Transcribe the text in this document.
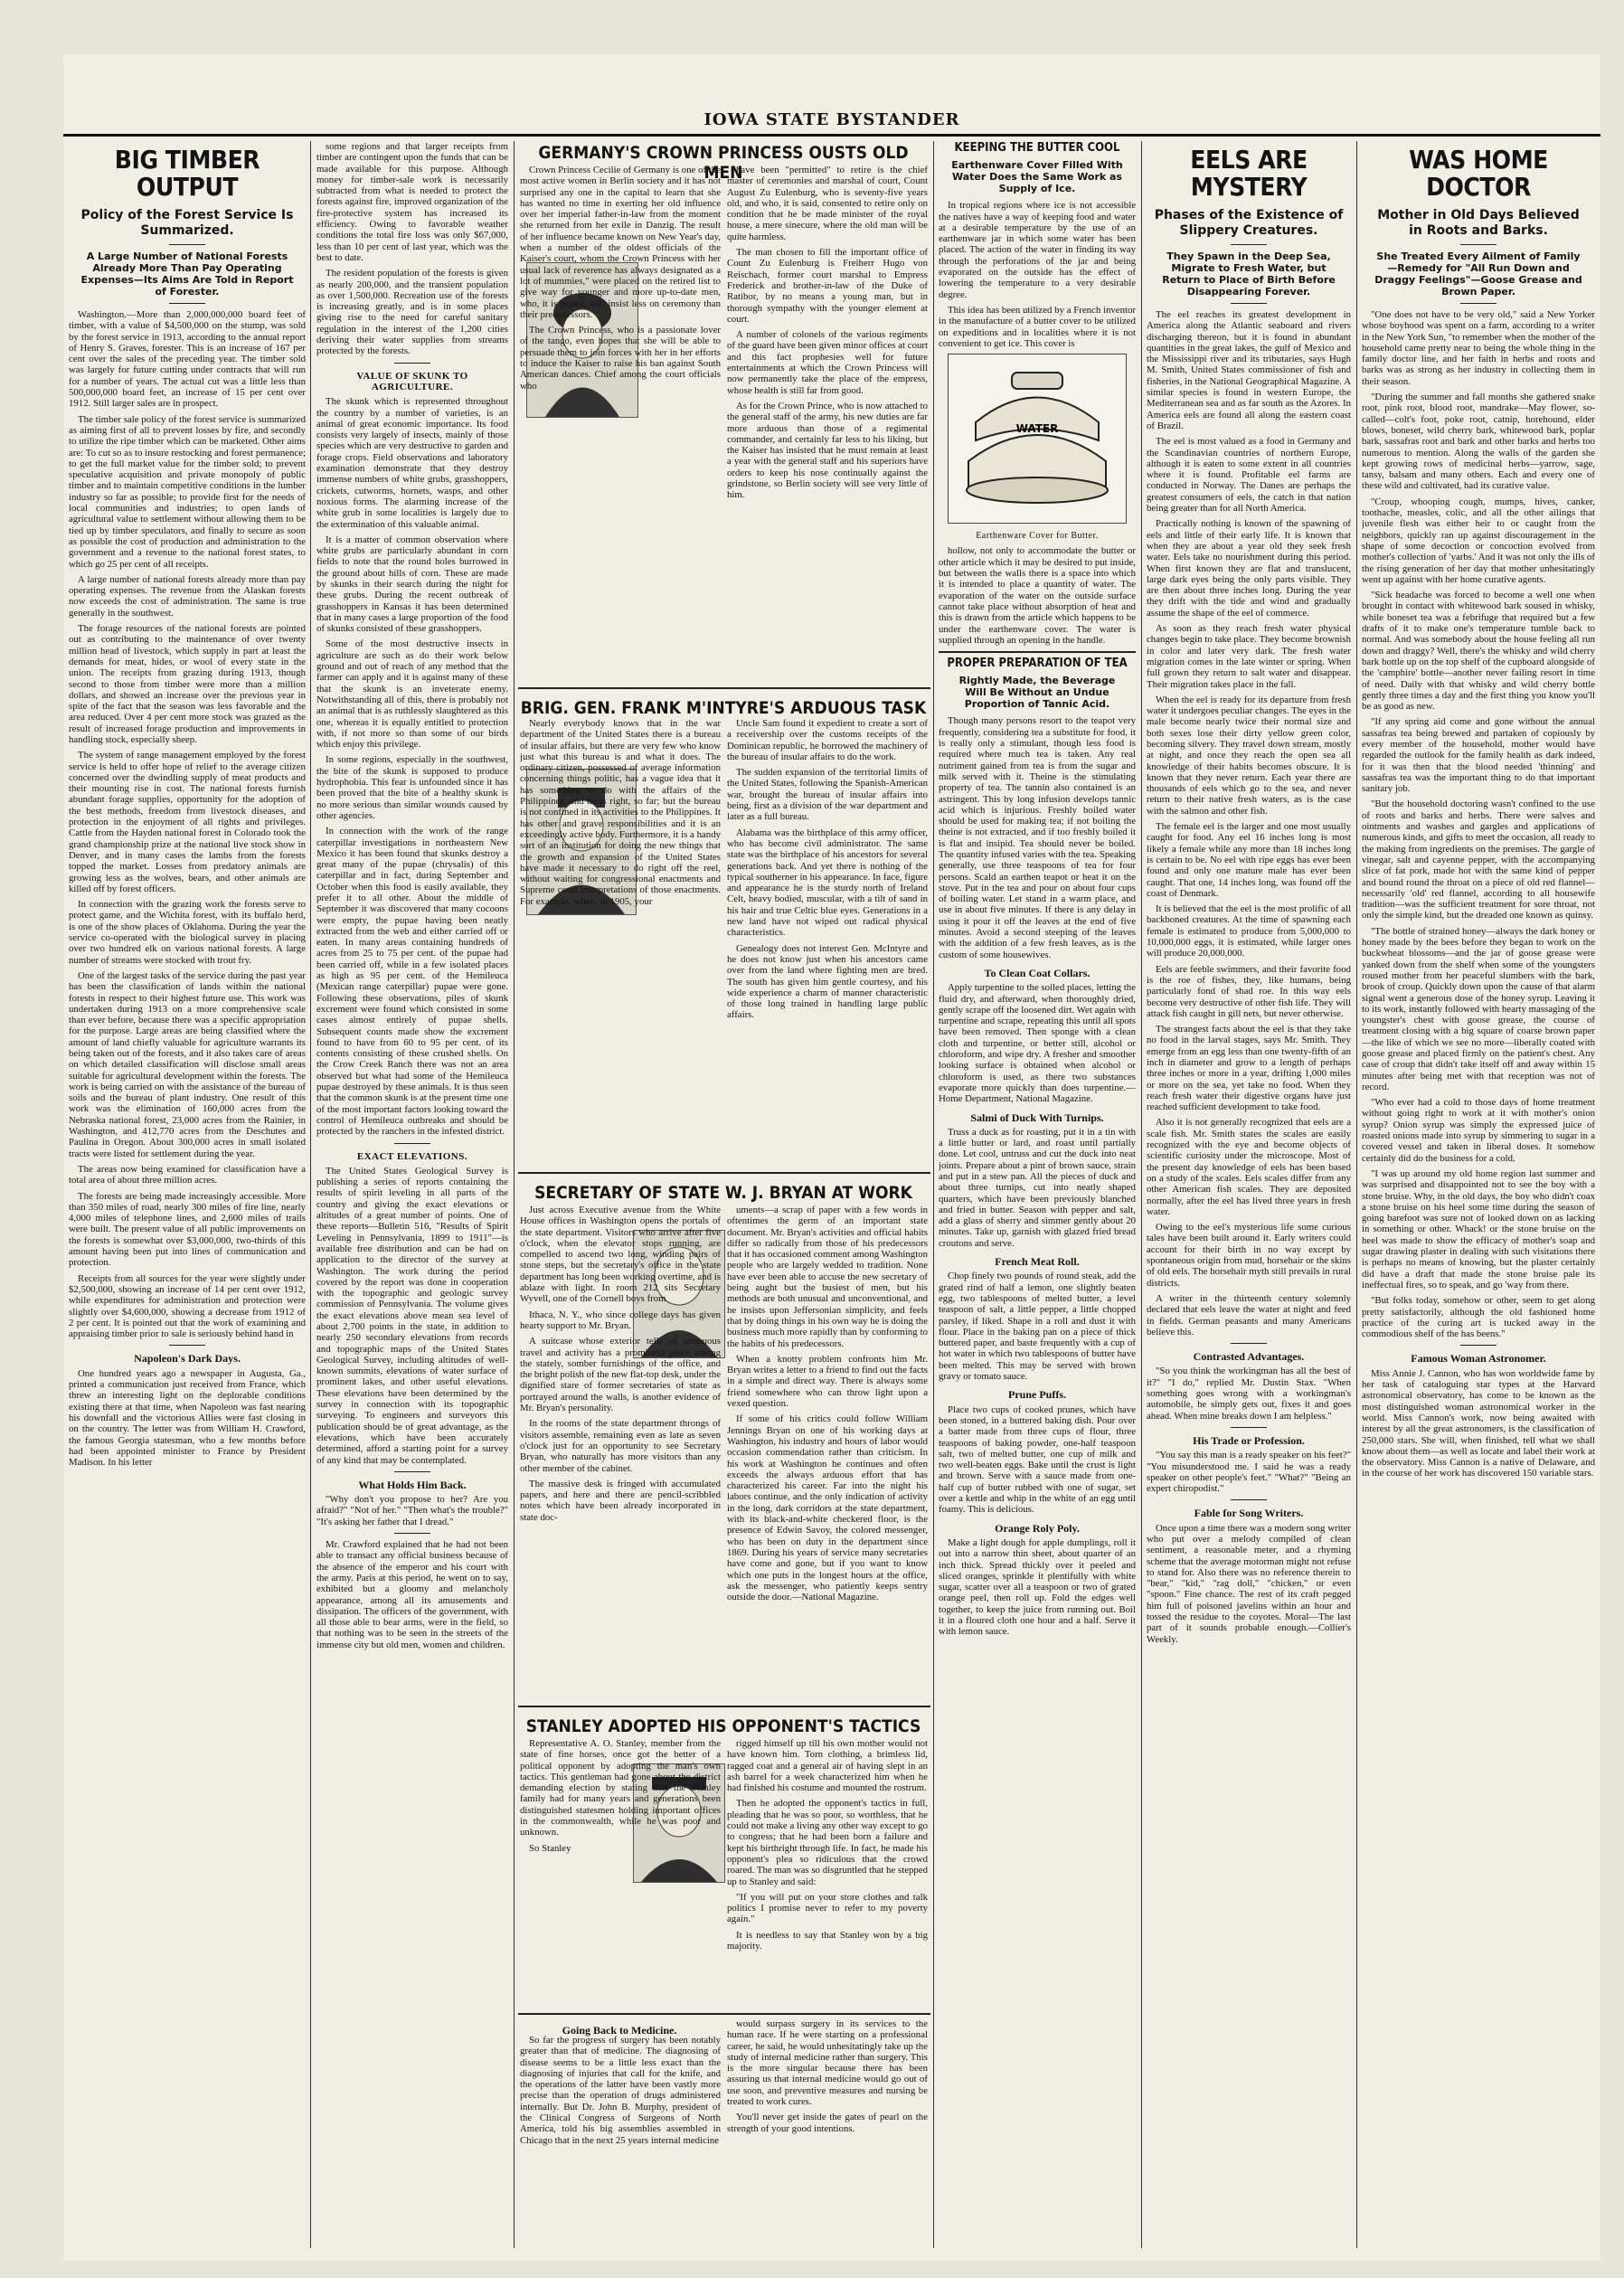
IOWA STATE BYSTANDER
BIG TIMBER OUTPUT
Policy of the Forest Service Is Summarized.
A Large Number of National Forests Already More Than Pay Operating Expenses—Its Aims Are Told in Report of Forester.

Washington.—More than 2,000,000,000 board feet of timber, with a value of $4,500,000 on the stump, was sold by the forest service in 1913, according to the annual report of Henry S. Graves, forester. This is an increase of 167 per cent over the sales of the preceding year. The timber sold was largely for future cutting under contracts that will run for a number of years. The actual cut was a little less than 500,000,000 board feet, an increase of 15 per cent over 1912. Still larger sales are in prospect.

The timber sale policy of the forest service is summarized as aiming first of all to prevent losses by fire, and secondly to utilize the ripe timber which can be marketed. Other aims are: To cut so as to insure restocking and forest permanence; to get the full market value for the timber sold; to prevent speculative acquisition and private monopoly of public timber and to maintain competitive conditions in the lumber industry so far as possible; to provide first for the needs of local communities and industries; to open lands of agricultural value to settlement without allowing them to be tied up by timber speculators, and finally to secure as soon as possible the cost of production and administration to the government and a revenue to the national forest states, to which go 25 per cent of all receipts.

A large number of national forests already more than pay operating expenses. The revenue from the Alaskan forests now exceeds the cost of administration. The same is true generally in the southwest.

The forage resources of the national forests are pointed out as contributing to the maintenance of over twenty million head of livestock, which supply in part at least the demands for meat, hides, or wool of every state in the union. The receipts from grazing during 1913, though second to those from timber were more than a million dollars, and showed an increase over the previous year in spite of the fact that the season was less favorable and the area reduced. Over 4 per cent more stock was grazed as the result of increased forage production and improvements in handling stock, especially sheep.

The system of range management employed by the forest service is held to offer hope of relief to the average citizen concerned over the dwindling supply of meat products and their mounting rise in cost. The national forests furnish abundant forage supplies, opportunity for the adoption of the best methods, freedom from livestock diseases, and protection in the enjoyment of all rights and privileges. Cattle from the Hayden national forest in Colorado took the grand championship prize at the national live stock show in Denver, and in many cases the lambs from the forests topped the market. Losses from predatory animals are growing less as the wolves, bears, and other animals are killed off by forest officers.

In connection with the grazing work the forests serve to protect game, and the Wichita forest, with its buffalo herd, is one of the show places of Oklahoma. During the year the service co-operated with the biological survey in placing over two hundred elk on various national forests. A large number of streams were stocked with trout fry.

One of the largest tasks of the service during the past year has been the classification of lands within the national forests in respect to their highest future use. This work was undertaken during 1913 on a more comprehensive scale than ever before, because there was a specific appropriation for the purpose. Large areas are being classified where the amount of land chiefly valuable for agriculture warrants its being taken out of the forests, and it also takes care of areas on which detailed classification will disclose small areas suitable for agricultural development within the forests. The work is being carried on with the assistance of the bureau of soils and the bureau of plant industry. One result of this work was the elimination of 160,000 acres from the Nebraska national forest, 23,000 acres from the Rainier, in Washington, and 412,770 acres from the Deschutes and Paulina in Oregon. About 300,000 acres in small isolated tracts were listed for settlement during the year.

The areas now being examined for classification have a total area of about three million acres.

The forests are being made increasingly accessible. More than 350 miles of road, nearly 300 miles of fire line, nearly 4,000 miles of telephone lines, and 2,600 miles of trails were built. The present value of all public improvements on the forests is somewhat over $3,000,000, two-thirds of this amount having been put into lines of communication and protection.

Receipts from all sources for the year were slightly under $2,500,000, showing an increase of 14 per cent over 1912, while expenditures for administration and protection were slightly over $4,600,000, showing a decrease from 1912 of 2 per cent. It is pointed out that the work of examining and appraising timber prior to sale is seriously behind hand in

Napoleon's Dark Days.

One hundred years ago a newspaper in Augusta, Ga., printed a communication just received from France, which threw an interesting light on the deplorable conditions existing there at that time, when Napoleon was fast nearing his downfall and the victorious Allies were fast closing in on the country. The letter was from William H. Crawford, the famous Georgia statesman, who a few months before had been appointed minister to France by President Madison. In his letter

some regions and that larger receipts from timber are contingent upon the funds that can be made available for this purpose. Although money for timber-sale work is necessarily subtracted from what is needed to protect the forests against fire, improved organization of the fire-protective system has increased its efficiency. Owing to favorable weather conditions the total fire loss was only $67,000, less than 10 per cent of last year, which was the best to date.

The resident population of the forests is given as nearly 200,000, and the transient population as over 1,500,000. Recreation use of the forests is increasing greatly, and is in some places giving rise to the need for careful sanitary regulation in the interest of the 1,200 cities deriving their water supplies from streams protected by the forests.

VALUE OF SKUNK TO AGRICULTURE.

The skunk which is represented throughout the country by a number of varieties, is an animal of great economic importance. Its food consists very largely of insects, mainly of those species which are very destructive to garden and forage crops. Field observations and laboratory examination demonstrate that they destroy immense numbers of white grubs, grasshoppers, crickets, cutworms, hornets, wasps, and other noxious forms. The alarming increase of the white grub in some localities is largely due to the extermination of this valuable animal.

It is a matter of common observation where white grubs are particularly abundant in corn fields to note that the round holes burrowed in the ground about hills of corn. These are made by skunks in their search during the night for these grubs. During the recent outbreak of grasshoppers in Kansas it has been determined that in many cases a large proportion of the food of skunks consisted of these grasshoppers.

Some of the most destructive insects in agriculture are such as do their work below ground and out of reach of any method that the farmer can apply and it is against many of these that the skunk is an inveterate enemy. Notwithstanding all of this, there is probably not an animal that is as ruthlessly slaughtered as this one, whereas it is equally entitled to protection with, if not more so than some of our birds which enjoy this privilege.

In some regions, especially in the southwest, the bite of the skunk is supposed to produce hydrophobia. This fear is unfounded since it has been proved that the bite of a healthy skunk is no more serious than similar wounds caused by other agencies.

In connection with the work of the range caterpillar investigations in northeastern New Mexico it has been found that skunks destroy a great many of the pupae (chrysalis) of this caterpillar and in fact, during September and October when this food is easily available, they prefer it to all other. About the middle of September it was discovered that many cocoons were empty, the pupae having been neatly extracted from the web and either carried off or eaten. In many areas containing hundreds of acres from 25 to 75 per cent. of the pupae had been carried off, while in a few isolated places as high as 95 per cent. of the Hemileuca (Mexican range caterpillar) pupae were gone. Following these observations, piles of skunk excrement were found which consisted in some cases almost entirely of pupae shells. Subsequent counts made show the excrement found to have from 60 to 95 per cent. of its contents consisting of these crushed shells. On the Crow Creek Ranch there was not an area observed but what had some of the Hemileuca pupae destroyed by these animals. It is thus seen that the common skunk is at the present time one of the most important factors looking toward the control of Hemileuca outbreaks and should be protected by the ranchers in the infested district.

EXACT ELEVATIONS.

The United States Geological Survey is publishing a series of reports containing the results of spirit leveling in all parts of the country and giving the exact elevations or altitudes of a great number of points. One of these reports—Bulletin 516, "Results of Spirit Leveling in Pennsylvania, 1899 to 1911"—is available free distribution and can be had on application to the director of the survey at Washington. The work during the period covered by the report was done in cooperation with the topographic and geologic survey commission of Pennsylvania. The volume gives the exact elevations above mean sea level of about 2,700 points in the state, in addition to nearly 250 secondary elevations from records and topographic maps of the United States Geological Survey, including altitudes of well-known summits, elevations of water surface of prominent lakes, and other useful elevations. These elevations have been determined by the survey in connection with its topographic surveying. To engineers and surveyors this publication should be of great advantage, as the elevations, which have been accurately determined, afford a starting point for a survey of any kind that may be contemplated.

What Holds Him Back.

"Why don't you propose to her? Are you afraid?" "Not of her." "Then what's the trouble?" "It's asking her father that I dread."

Mr. Crawford explained that he had not been able to transact any official business because of the absence of the emperor and his court with the army. Paris at this period, he went on to say, exhibited but a gloomy and melancholy appearance, among all its amusements and dissipation. The officers of the government, with all those able to bear arms, were in the field, so that nothing was to be seen in the streets of the immense city but old men, women and children.

GERMANY'S CROWN PRINCESS OUSTS OLD MEN

Crown Princess Cecilie of Germany is one of the most active women in Berlin society and it has not surprised any one in the capital to learn that she has wanted no time in exerting her old influence over her imperial father-in-law from the moment she returned from her exile in Danzig. The result of her influence became known on New Year's day, when a number of the oldest officials of the Kaiser's court, whom the Crown Princess with her usual lack of reverence has always designated as a lot of mummies," were placed on the retired list to give way for younger and more up-to-date men, who, it is hoped, will insist less on ceremony than their predecessors.

The Crown Princess, who is a passionate lover of the tango, even hopes that she will be able to persuade them to join forces with her in her efforts to induce the Kaiser to raise his ban against South American dances. Chief among the court officials who

have been "permitted" to retire is the chief master of ceremonies and marshal of court, Count August Zu Eulenburg, who is seventy-five years old, and who, it is said, consented to retire only on condition that he be made minister of the royal house, a mere sinecure, where the old man will be quite harmless.

The man chosen to fill the important office of Count Zu Eulenburg is Freiherr Hugo von Reischach, former court marshal to Empress Frederick and brother-in-law of the Duke of Ratibor, by no means a young man, but in thorough sympathy with the younger element at court.

A number of colonels of the various regiments of the guard have been given minor offices at court and this fact prophesies well for future entertainments at which the Crown Princess will now permanently take the place of the empress, whose health is still far from good.

As for the Crown Prince, who is now attached to the general staff of the army, his new duties are far more arduous than those of a regimental commander, and certainly far less to his liking, but the Kaiser has insisted that he must remain at least a year with the general staff and his superiors have orders to keep his nose continually against the grindstone, so Berlin society will see very little of him.

BRIG. GEN. FRANK M'INTYRE'S ARDUOUS TASK

Nearly everybody knows that in the war department of the United States there is a bureau of insular affairs, but there are very few who know just what this bureau is and what it does. The ordinary citizen, possessed of average information concerning things politic, has a vague idea that it has something to do with the affairs of the Philippines, and he is right, so far; but the bureau is not confined in its activities to the Philippines. It has other and grave responsibilities and it is an exceedingly active body. Furthermore, it is a handy sort of an institution for doing the new things that the growth and expansion of the United States have made it necessary to do right off the reel, without waiting for congressional enactments and Supreme court interpretations of those enactments. For example, when, in 1905, your

Uncle Sam found it expedient to create a sort of a receivership over the customs receipts of the Dominican republic, he borrowed the machinery of the bureau of insular affairs to do the work.

The sudden expansion of the territorial limits of the United States, following the Spanish-American war, brought the bureau of insular affairs into being, first as a division of the war department and later as a full bureau.

Alabama was the birthplace of this army officer, who has become civil administrator. The same state was the birthplace of his ancestors for several generations back. And yet there is nothing of the typical southerner in his appearance. In face, figure and appearance he is the sturdy north of Ireland Celt, heavy bodied, muscular, with a tilt of sand in his hair and true Celtic blue eyes. Generations in a new land have not wiped out radical physical characteristics.

Genealogy does not interest Gen. McIntyre and he does not know just when his ancestors came over from the land where fighting men are bred. The south has given him gentle courtesy, and his wide experience a charm of manner characteristic of those long trained in handling large public affairs.

SECRETARY OF STATE W. J. BRYAN AT WORK

Just across Executive avenue from the White House offices in Washington opens the portals of the state department. Visitors who arrive after five o'clock, when the elevator stops running, are compelled to ascend two long, winding pairs of stone steps, but the secretary's office in the state department has long been working overtime, and is ablaze with light. In room 212 sits Secretary Wyvell, one of the Cornell boys from

Ithaca, N. Y., who since college days has given hearty support to Mr. Bryan.

A suitcase whose exterior tells of strenuous travel and activity has a prominent place among the stately, somber furnishings of the office, and the bright polish of the new flat-top desk, under the dignified stare of former secretaries of state as portrayed around the walls, is another evidence of Mr. Bryan's personality.

In the rooms of the state department throngs of visitors assemble, remaining even as late as seven o'clock just for an opportunity to see Secretary Bryan, who naturally has more visitors than any other member of the cabinet.

The massive desk is fringed with accumulated papers, and here and there are pencil-scribbled notes which have been already incorporated in state doc-

uments—a scrap of paper with a few words in oftentimes the germ of an important state document. Mr. Bryan's activities and official habits differ so radically from those of his predecessors that it has occasioned comment among Washington people who are largely wedded to tradition. None have ever been able to accuse the new secretary of being aught but the busiest of men, but his methods are both unusual and unconventional, and he insists upon Jeffersonian simplicity, and feels that by doing things in his own way he is doing the business much more rapidly than by conforming to the habits of his predecessors.

When a knotty problem confronts him Mr. Bryan writes a letter to a friend to find out the facts in a simple and direct way. There is always some friend somewhere who can throw light upon a vexed question.

If some of his critics could follow William Jennings Bryan on one of his working days at Washington, his industry and hours of labor would occasion commendation rather than criticism. In his work at Washington he continues and often exceeds the always arduous effort that has characterized his career. Far into the night his labors continue, and the only indication of activity in the long, dark corridors at the state department, with its black-and-white checkered floor, is the presence of Edwin Savoy, the colored messenger, who has been on duty in the department since 1869. During his years of service many secretaries have come and gone, but if you want to know which one puts in the longest hours at the office, ask the messenger, who patiently keeps sentry outside the door.—National Magazine.

STANLEY ADOPTED HIS OPPONENT'S TACTICS

Representative A. O. Stanley, member from the state of fine horses, once got the better of a political opponent by adopting the man's own tactics. This gentleman had gone about the district demanding election by stating that the Stanley family had for many years and generations been distinguished statesmen holding important offices in the commonwealth, while he was poor and unknown.

So Stanley

rigged himself up till his own mother would not have known him. Torn clothing, a brimless lid, ragged coat and a general air of having slept in an ash barrel for a week characterized him when he had finished his costume and mounted the rostrum.

Then he adopted the opponent's tactics in full, pleading that he was so poor, so worthless, that he could not make a living any other way except to go to congress; that he had been born a failure and kept his birthright through life. In fact, he made his opponent's plea so ridiculous that the crowd roared. The man was so disgruntled that he stepped up to Stanley and said:

"If you will put on your store clothes and talk politics I promise never to refer to my poverty again."

It is needless to say that Stanley won by a big majority.

Going Back to Medicine.

So far the progress of surgery has been notably greater than that of medicine. The diagnosing of disease seems to be a little less exact than the diagnosing of injuries that call for the knife, and the operations of the latter have been vastly more precise than the operation of drugs administered internally. But Dr. John B. Murphy, president of the Clinical Congress of Surgeons of North America, told his big assemblies assembled in Chicago that in the next 25 years internal medicine

would surpass surgery in its services to the human race. If he were starting on a professional career, he said, he would unhesitatingly take up the study of internal medicine rather than surgery. This is the more singular because there has been assuring us that internal medicine would go out of use soon, and preventive measures and nursing be treated to work cures.

You'll never get inside the gates of pearl on the strength of your good intentions.

KEEPING THE BUTTER COOL
Earthenware Cover Filled With Water Does the Same Work as Supply of Ice.

In tropical regions where ice is not accessible the natives have a way of keeping food and water at a desirable temperature by the use of an earthenware jar in which some water has been placed. The action of the water in finding its way through the perforations of the jar and being evaporated on the outside has the effect of lowering the temperature to a very desirable degree.

This idea has been utilized by a French inventor in the manufacture of a butter cover to be utilized on expeditions and in localities where it is not convenient to get ice. This cover is

WATER
Earthenware Cover for Butter.

hollow, not only to accommodate the butter or other article which it may be desired to put inside, but between the walls there is a space into which it is intended to place a quantity of water. The evaporation of the water on the outside surface cannot take place without absorption of heat and this is drawn from the article which happens to be under the earthenware cover. The water is supplied through an opening in the handle.

PROPER PREPARATION OF TEA
Rightly Made, the Beverage Will Be Without an Undue Proportion of Tannic Acid.

Though many persons resort to the teapot very frequently, considering tea a substitute for food, it is really only a stimulant, though less food is required where much tea is taken. Any real nutriment gained from tea is from the sugar and milk served with it. Theine is the stimulating property of tea. The tannin also contained is an astringent. This by long infusion develops tannic acid which is injurious. Freshly boiled water should be used for making tea; if not boiling the theine is not extracted, and if too freshly boiled it is flat and insipid. Tea should never be boiled. The quantity infused varies with the tea. Speaking generally, use three teaspoons of tea for four persons. Scald an earthen teapot or heat it on the stove. Put in the tea and pour on about four cups of boiling water. Let stand in a warm place, and use in about five minutes. If there is any delay in using it pour it off the leaves at the end of five minutes. Avoid a second steeping of the leaves with the addition of a few fresh leaves, as is the custom of some housewives.

To Clean Coat Collars.

Apply turpentine to the soiled places, letting the fluid dry, and afterward, when thoroughly dried, gently scrape off the loosened dirt. Wet again with turpentine and scrape, repeating this until all spots have been removed. Then sponge with a clean cloth and turpentine, or better still, alcohol or chloroform, and wipe dry. A fresher and smoother looking surface is obtained when alcohol or chloroform is used, as there two substances evaporate more quickly than does turpentine.—Home Department, National Magazine.

Salmi of Duck With Turnips.

Truss a duck as for roasting, put it in a tin with a little butter or lard, and roast until partially done. Let cool, untruss and cut the duck into neat joints. Prepare about a pint of brown sauce, strain and put in a stew pan. All the pieces of duck and about three turnips, cut into neatly shaped quarters, which have been previously blanched and fried in butter. Season with pepper and salt, add a glass of sherry and simmer gently about 20 minutes. Take up, garnish with glazed fried bread croutons and serve.

French Meat Roll.

Chop finely two pounds of round steak, add the grated rind of half a lemon, one slightly beaten egg, two tablespoons of melted butter, a level teaspoon of salt, a little pepper, a little chopped parsley, if liked. Shape in a roll and dust it with flour. Place in the baking pan on a piece of thick buttered paper, and baste frequently with a cup of hot water in which two tablespoons of butter have been melted. This may be served with brown gravy or tomato sauce.

Prune Puffs.

Place two cups of cooked prunes, which have been stoned, in a buttered baking dish. Pour over a batter made from three cups of flour, three teaspoons of baking powder, one-half teaspoon salt, two of melted butter, one cup of milk and two well-beaten eggs. Bake until the crust is light and brown. Serve with a sauce made from one-half cup of butter rubbed with one of sugar, set over a kettle and whip in the white of an egg until foamy. This is delicious.

Orange Roly Poly.

Make a light dough for apple dumplings, roll it out into a narrow thin sheet, about quarter of an inch thick. Spread thickly over it peeled and sliced oranges, sprinkle it plentifully with white sugar, scatter over all a teaspoon or two of grated orange peel, then roll up. Fold the edges well together, to keep the juice from running out. Boil it in a floured cloth one hour and a half. Serve it with lemon sauce.

EELS ARE MYSTERY
Phases of the Existence of Slippery Creatures.
They Spawn in the Deep Sea, Migrate to Fresh Water, but Return to Place of Birth Before Disappearing Forever.

The eel reaches its greatest development in America along the Atlantic seaboard and rivers discharging thereon, but it is found in abundant quantities in the great lakes, the gulf of Mexico and the Mississippi river and its tributaries, says Hugh M. Smith, United States commissioner of fish and fisheries, in the National Geographical Magazine. A similar species is found in western Europe, the Mediterranean sea and as far south as the Azores. In America eels are found all along the eastern coast of Brazil.

The eel is most valued as a food in Germany and the Scandinavian countries of northern Europe, although it is eaten to some extent in all countries where it is found. Profitable eel farms are conducted in Norway. The Danes are perhaps the greatest consumers of eels, the catch in that nation being greater than for all North America.

Practically nothing is known of the spawning of eels and little of their early life. It is known that when they are about a year old they seek fresh water. Eels take no nourishment during this period. When first known they are flat and translucent, large dark eyes being the only parts visible. They are then about three inches long. During the year they drift with the tide and wind and gradually assume the shape of the eel of commerce.

As soon as they reach fresh water physical changes begin to take place. They become brownish in color and later very dark. The fresh water migration comes in the late winter or spring. When full grown they return to salt water and disappear. Their migration takes place in the fall.

When the eel is ready for its departure from fresh water it undergoes peculiar changes. The eyes in the male become nearly twice their normal size and both sexes lose their dirty yellow green color, becoming silvery. They travel down stream, mostly at night, and once they reach the open sea all knowledge of their habits becomes obscure. It is known that they never return. Each year there are thousands of eels which go to the sea, and never return to their native fresh waters, as is the case with the salmon and other fish.

The female eel is the larger and one most usually caught for food. Any eel 16 inches long is most likely a female while any more than 18 inches long is certain to be. No eel with ripe eggs has ever been found and only one mature male has ever been caught. That one, 14 inches long, was found off the coast of Denmark.

It is believed that the eel is the most prolific of all backboned creatures. At the time of spawning each female is estimated to produce from 5,000,000 to 10,000,000 eggs, it is estimated, while larger ones will produce 20,000,000.

Eels are feeble swimmers, and their favorite food is the roe of fishes, they, like humans, being particularly fond of shad roe. In this way eels become very destructive of other fish life. They will attack fish caught in gill nets, but never otherwise.

The strangest facts about the eel is that they take no food in the larval stages, says Mr. Smith. They emerge from an egg less than one twenty-fifth of an inch in diameter and grow to a length of perhaps three inches or more in a year, drifting 1,000 miles or more on the sea, yet take no food. When they reach fresh water their digestive organs have just reached sufficient development to take food.

Also it is not generally recognized that eels are a scale fish. Mr. Smith states the scales are easily recognized with the eye and become objects of scientific curiosity under the microscope. Most of the present day knowledge of eels has been based on a study of the scales. Eels scales differ from any other American fish scales. They are deposited normally, after the eel has lived three years in fresh water.

Owing to the eel's mysterious life some curious tales have been built around it. Early writers could account for their birth in no way except by spontaneous origin from mud, horsehair or the skins of old eels. The horsehair myth still prevails in rural districts.

A writer in the thirteenth century solemnly declared that eels leave the water at night and feed in fields. German peasants and many Americans believe this.

Contrasted Advantages.

"So you think the workingman has all the best of it?" "I do," replied Mr. Dustin Stax. "When something goes wrong with a workingman's automobile, he simply gets out, fixes it and goes ahead. When mine breaks down I am helpless."

His Trade or Profession.

"You say this man is a ready speaker on his feet?" "You misunderstood me. I said he was a ready speaker on other people's feet." "What?" "Being an expert chiropodist."

Fable for Song Writers.

Once upon a time there was a modern song writer who put over a melody compiled of clean sentiment, a reasonable meter, and a rhyming scheme that the average motorman might not refuse to stand for. Also there was no reference therein to "bear," "kid," "rag doll," "chicken," or even "spoon." Fine chance. The rest of its craft pegged him full of poisoned javelins within an hour and tossed the residue to the coyotes. Moral—The last part of it sounds probable enough.—Collier's Weekly.

WAS HOME DOCTOR
Mother in Old Days Believed in Roots and Barks.
She Treated Every Ailment of Family —Remedy for "All Run Down and Draggy Feelings"—Goose Grease and Brown Paper.

"One does not have to be very old," said a New Yorker whose boyhood was spent on a farm, according to a writer in the New York Sun, "to remember when the mother of the household came pretty near to being the whole thing in the family doctor line, and her faith in herbs and roots and barks was as strong as her industry in collecting them in their season.

"During the summer and fall months she gathered snake root, pink root, blood root, mandrake—May flower, so-called—colt's foot, poke root, catnip, horehound, elder blows, boneset, wild cherry bark, whitewood bark, poplar bark, sassafras root and bark and other barks and herbs too numerous to mention. Along the walls of the garden she kept growing rows of medicinal herbs—yarrow, sage, tansy, balsam and many others. Each and every one of these wild and cultivated, had its curative value.

"Croup, whooping cough, mumps, hives, canker, toothache, measles, colic, and all the other ailings that juvenile flesh was either heir to or caught from the neighbors, quickly ran up against discouragement in the shape of some decoction or concoction evolved from mother's collection of 'yarbs.' And it was not only the ills of the rising generation of her day that mother unhesitatingly went up against with her home curative agents.

"Sick headache was forced to become a well one when brought in contact with whitewood bark soused in whisky, while boneset tea was a febrifuge that required but a few drafts of it to make one's temperature tumble back to normal. And was somebody about the house feeling all run down and draggy? Well, there's the whisky and wild cherry bark bottle up on the top shelf of the cupboard alongside of the 'camphire' bottle—another never failing resort in time of need. Daily with that whisky and wild cherry bottle gently three times a day and the first thing you know you'll be as good as new.

"If any spring aid come and gone without the annual sassafras tea being brewed and partaken of copiously by every member of the household, mother would have regarded the outlook for the family health as dark indeed, for it was then that the blood needed 'thinning' and sassafras tea was the important thing to do that important sanitary job.

"But the household doctoring wasn't confined to the use of roots and barks and herbs. There were salves and ointments and washes and gargles and applications of numerous kinds, and gifts to meet the occasion, all ready to the making from ingredients on the premises. The gargle of vinegar, salt and cayenne pepper, with the accompanying slice of fat pork, made hot with the same kind of pepper and bound round the throat on a piece of old red flannel—necessarily 'old' red flannel, according to all housewife tradition—was the sufficient treatment for sore throat, not only the simple kind, but the dreaded one known as quinsy.

"The bottle of strained honey—always the dark honey or honey made by the bees before they began to work on the buckwheat blossoms—and the jar of goose grease were yanked down from the shelf when some of the youngsters roused mother from her peaceful slumbers with the bark, brook of croup. Quickly down upon the cause of that alarm signal went a generous dose of the honey syrup. Leaving it to its work, instantly followed with hearty massaging of the youngster's chest with goose grease, the course of treatment closing with a big square of coarse brown paper—the like of which we see no more—liberally coated with goose grease and placed firmly on the patient's chest. Any case of croup that didn't take itself off and away within 15 minutes after being met with that reception was not of record.

"Who ever had a cold to those days of home treatment without going right to work at it with mother's onion syrup? Onion syrup was simply the expressed juice of roasted onions made into syrup by simmering to sugar in a covered vessel and taken in liberal doses. It somehow certainly did do the business for a cold.

"I was up around my old home region last summer and was surprised and disappointed not to see the boy with a stone bruise. Why, in the old days, the boy who didn't coax a stone bruise on his heel some time during the season of going barefoot was sure not of looked down on as lacking in something or other. Whack! or the stone bruise on the heel was made to show the efficacy of mother's soap and sugar drawing plaster in dealing with such visitations there is perhaps no means of knowing, but the plaster certainly did have a draft that made the stone bruise pale its ineffectual fires, so to speak, and go 'way from there.

"But folks today, somehow or other, seem to get along pretty satisfactorily, although the old fashioned home practice of the curing art is tucked away in the commodious shelf of the has beens."

Famous Woman Astronomer.

Miss Annie J. Cannon, who has won worldwide fame by her task of cataloguing star types at the Harvard astronomical observatory, has come to be known as the most distinguished woman astronomical worker in the world. Miss Cannon's work, now being awaited with interest by all the great astronomers, is the classification of 250,000 stars. She will, when finished, tell what we shall know about them—as well as locate and label their work at the observatory. Miss Cannon is a native of Delaware, and in the course of her work has discovered 150 variable stars.
